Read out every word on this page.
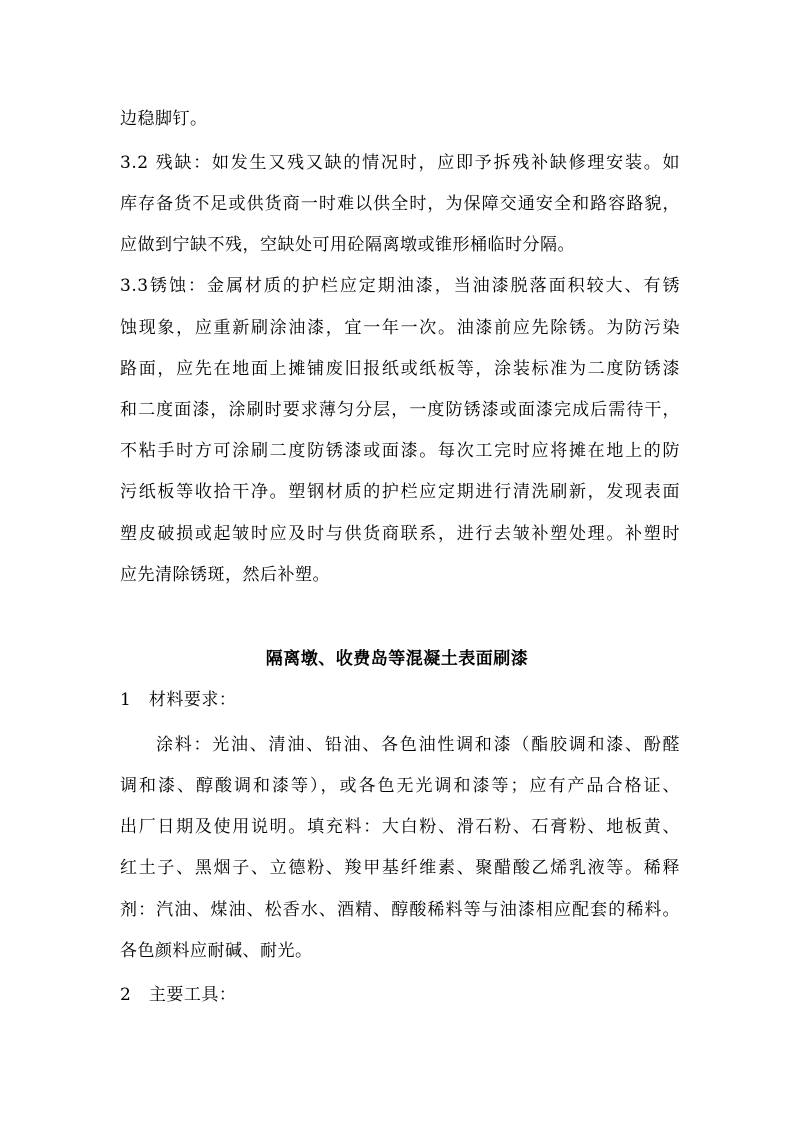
边稳脚钉。
3.2 残缺：如发生又残又缺的情况时，应即予拆残补缺修理安装。如
库存备货不足或供货商一时难以供全时，为保障交通安全和路容路貌，
应做到宁缺不残，空缺处可用砼隔离墩或锥形桶临时分隔。
3.3锈蚀：金属材质的护栏应定期油漆，当油漆脱落面积较大、有锈
蚀现象，应重新刷涂油漆，宜一年一次。油漆前应先除锈。为防污染
路面，应先在地面上摊铺废旧报纸或纸板等，涂装标准为二度防锈漆
和二度面漆，涂刷时要求薄匀分层，一度防锈漆或面漆完成后需待干，
不粘手时方可涂刷二度防锈漆或面漆。每次工完时应将摊在地上的防
污纸板等收拾干净。塑钢材质的护栏应定期进行清洗刷新，发现表面
塑皮破损或起皱时应及时与供货商联系，进行去皱补塑处理。补塑时
应先清除锈斑，然后补塑。
隔离墩、收费岛等混凝土表面刷漆
1　材料要求：
涂料：光油、清油、铅油、各色油性调和漆（酯胶调和漆、酚醛
调和漆、醇酸调和漆等），或各色无光调和漆等；应有产品合格证、
出厂日期及使用说明。填充料：大白粉、滑石粉、石膏粉、地板黄、
红土子、黑烟子、立德粉、羧甲基纤维素、聚醋酸乙烯乳液等。稀释
剂：汽油、煤油、松香水、酒精、醇酸稀料等与油漆相应配套的稀料。
各色颜料应耐碱、耐光。
2　主要工具：
